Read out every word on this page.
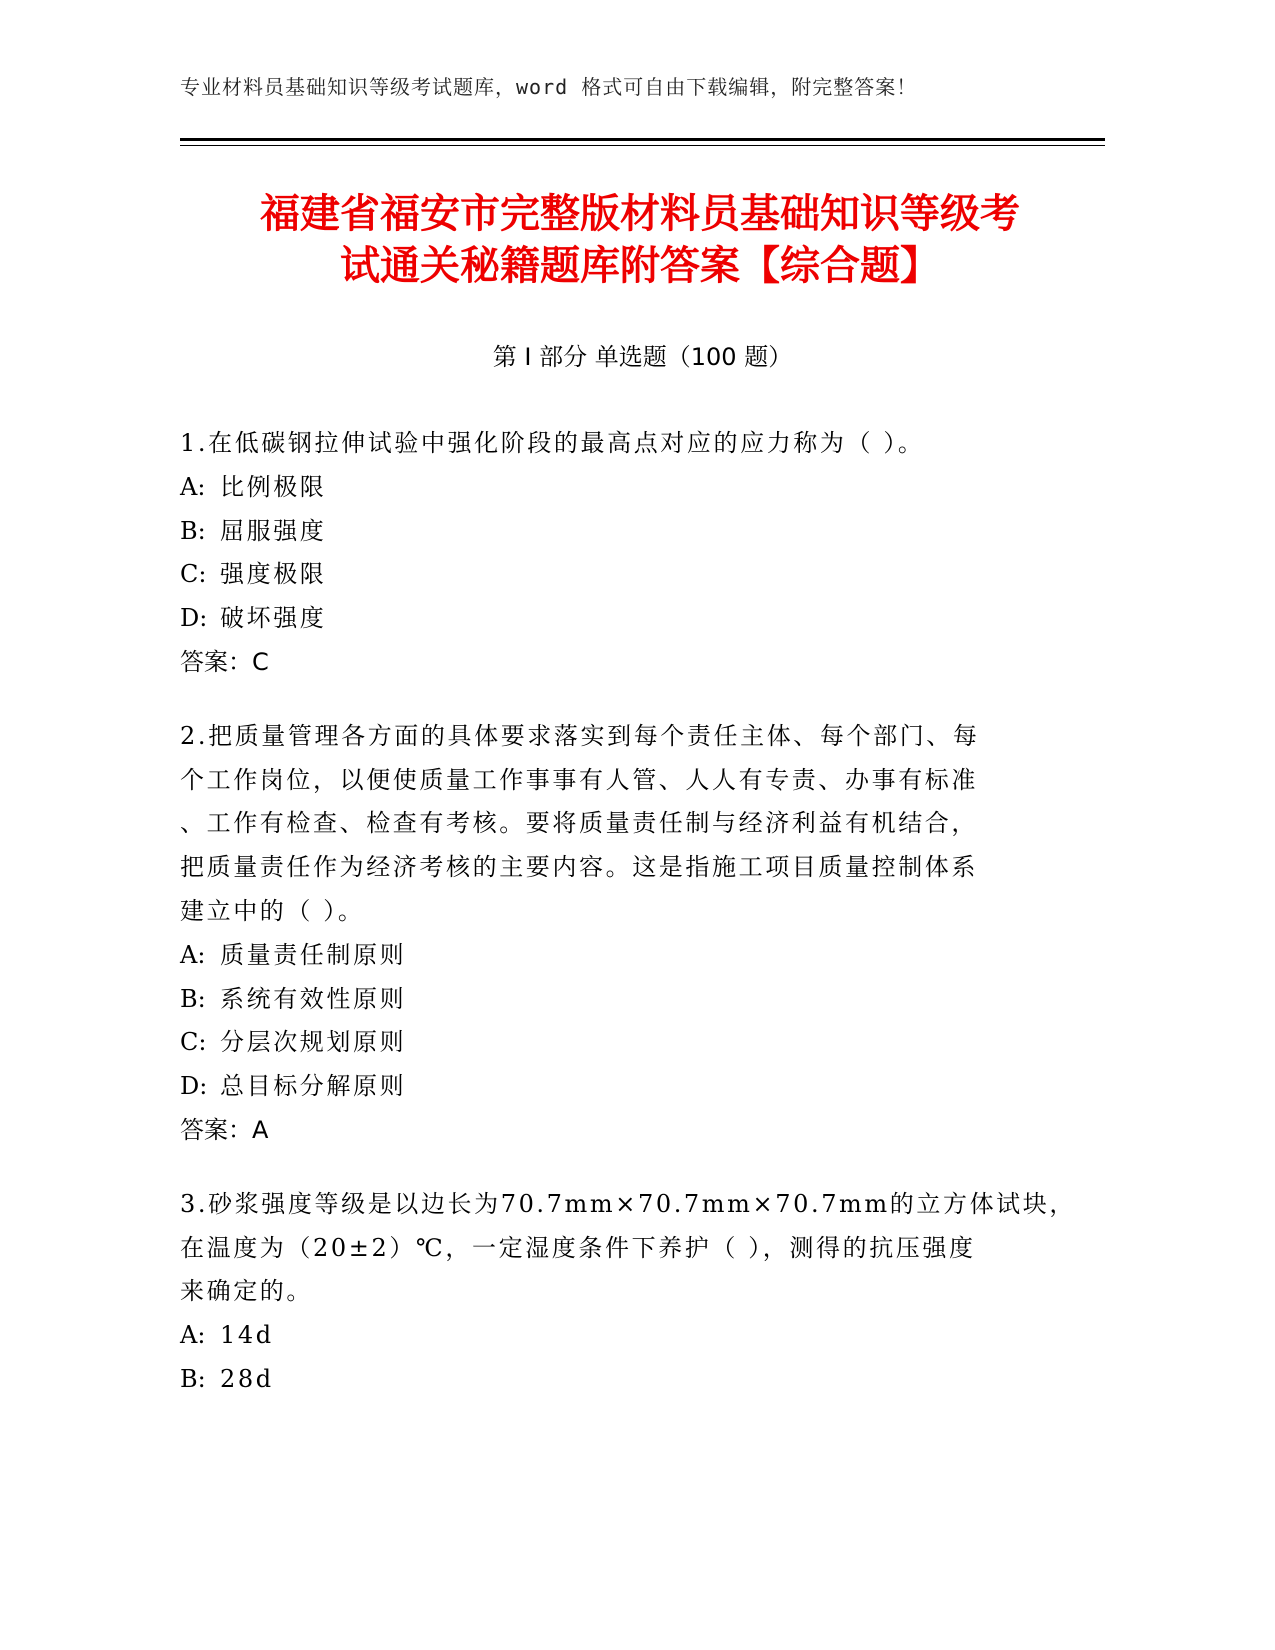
专业材料员基础知识等级考试题库，word 格式可自由下载编辑，附完整答案！
福建省福安市完整版材料员基础知识等级考
试通关秘籍题库附答案【综合题】
第 I 部分 单选题（100 题）
1.在低碳钢拉伸试验中强化阶段的最高点对应的应力称为（ ）。
A: 比例极限
B: 屈服强度
C: 强度极限
D: 破坏强度
答案：C
2.把质量管理各方面的具体要求落实到每个责任主体、每个部门、每
个工作岗位，以便使质量工作事事有人管、人人有专责、办事有标准
、工作有检查、检查有考核。要将质量责任制与经济利益有机结合，
把质量责任作为经济考核的主要内容。这是指施工项目质量控制体系
建立中的（ ）。
A: 质量责任制原则
B: 系统有效性原则
C: 分层次规划原则
D: 总目标分解原则
答案：A
3.砂浆强度等级是以边长为70.7mm×70.7mm×70.7mm的立方体试块，
在温度为（20±2）℃，一定湿度条件下养护（ ），测得的抗压强度
来确定的。
A: 14d
B: 28d
